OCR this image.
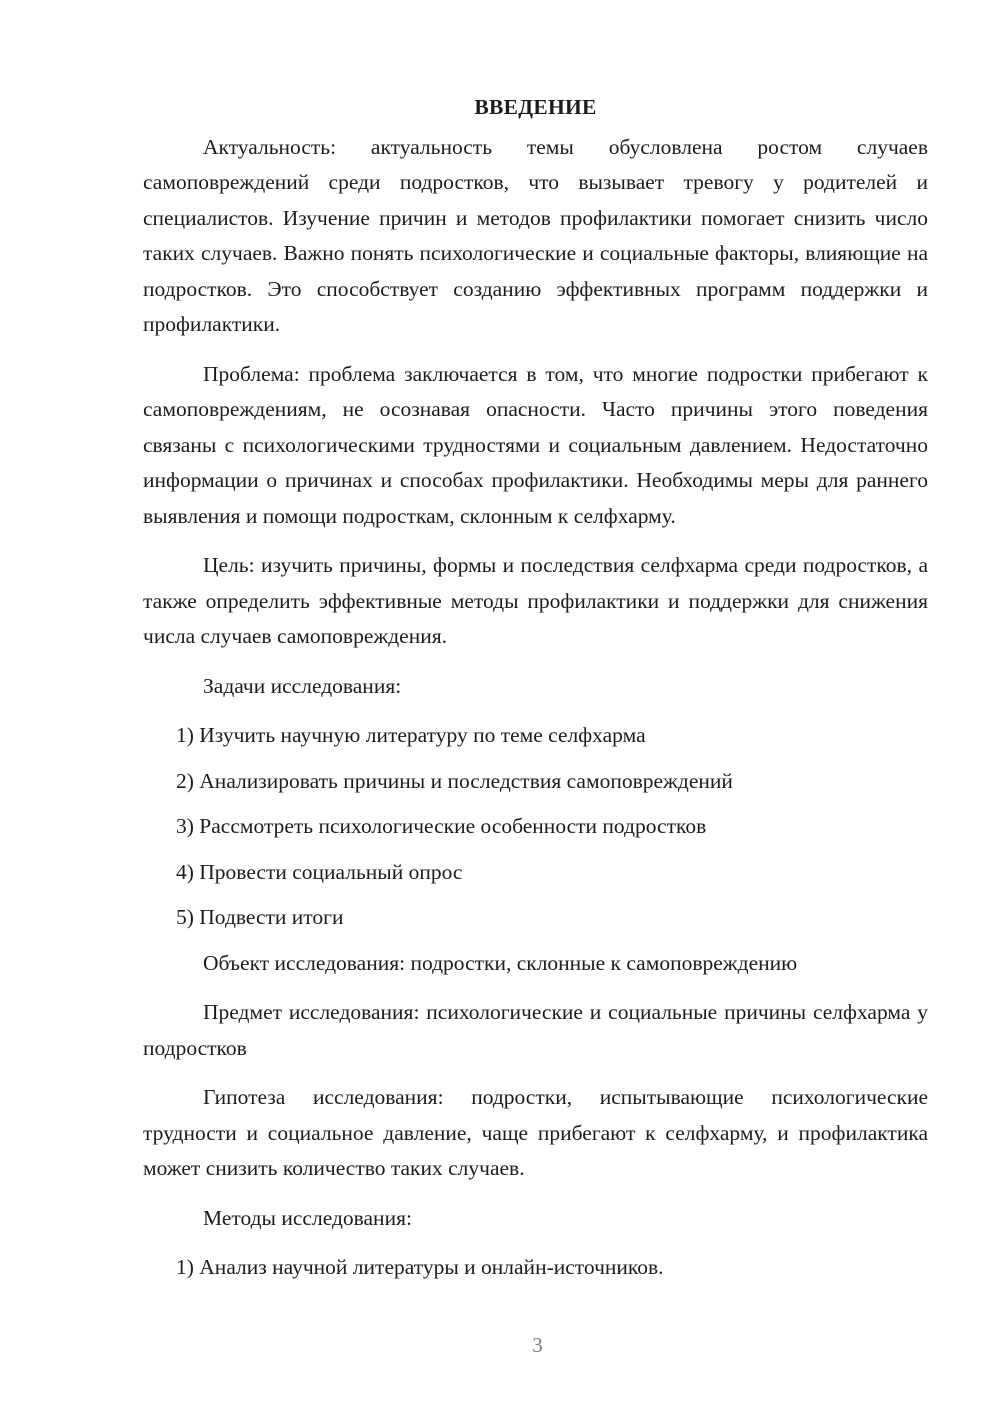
ВВЕДЕНИЕ

Актуальность: актуальность темы обусловлена ростом случаев самоповреждений среди подростков, что вызывает тревогу у родителей и специалистов. Изучение причин и методов профилактики помогает снизить число таких случаев. Важно понять психологические и социальные факторы, влияющие на подростков. Это способствует созданию эффективных программ поддержки и профилактики.

Проблема: проблема заключается в том, что многие подростки прибегают к самоповреждениям, не осознавая опасности. Часто причины этого поведения связаны с психологическими трудностями и социальным давлением. Недостаточно информации о причинах и способах профилактики. Необходимы меры для раннего выявления и помощи подросткам, склонным к селфхарму.

Цель: изучить причины, формы и последствия селфхарма среди подростков, а также определить эффективные методы профилактики и поддержки для снижения числа случаев самоповреждения.

Задачи исследования:

1) Изучить научную литературу по теме селфхарма
2) Анализировать причины и последствия самоповреждений
3) Рассмотреть психологические особенности подростков
4) Провести социальный опрос
5) Подвести итоги

Объект исследования: подростки, склонные к самоповреждению

Предмет исследования: психологические и социальные причины селфхарма у подростков

Гипотеза исследования: подростки, испытывающие психологические трудности и социальное давление, чаще прибегают к селфхарму, и профилактика может снизить количество таких случаев.

Методы исследования:

1) Анализ научной литературы и онлайн-источников.
3
